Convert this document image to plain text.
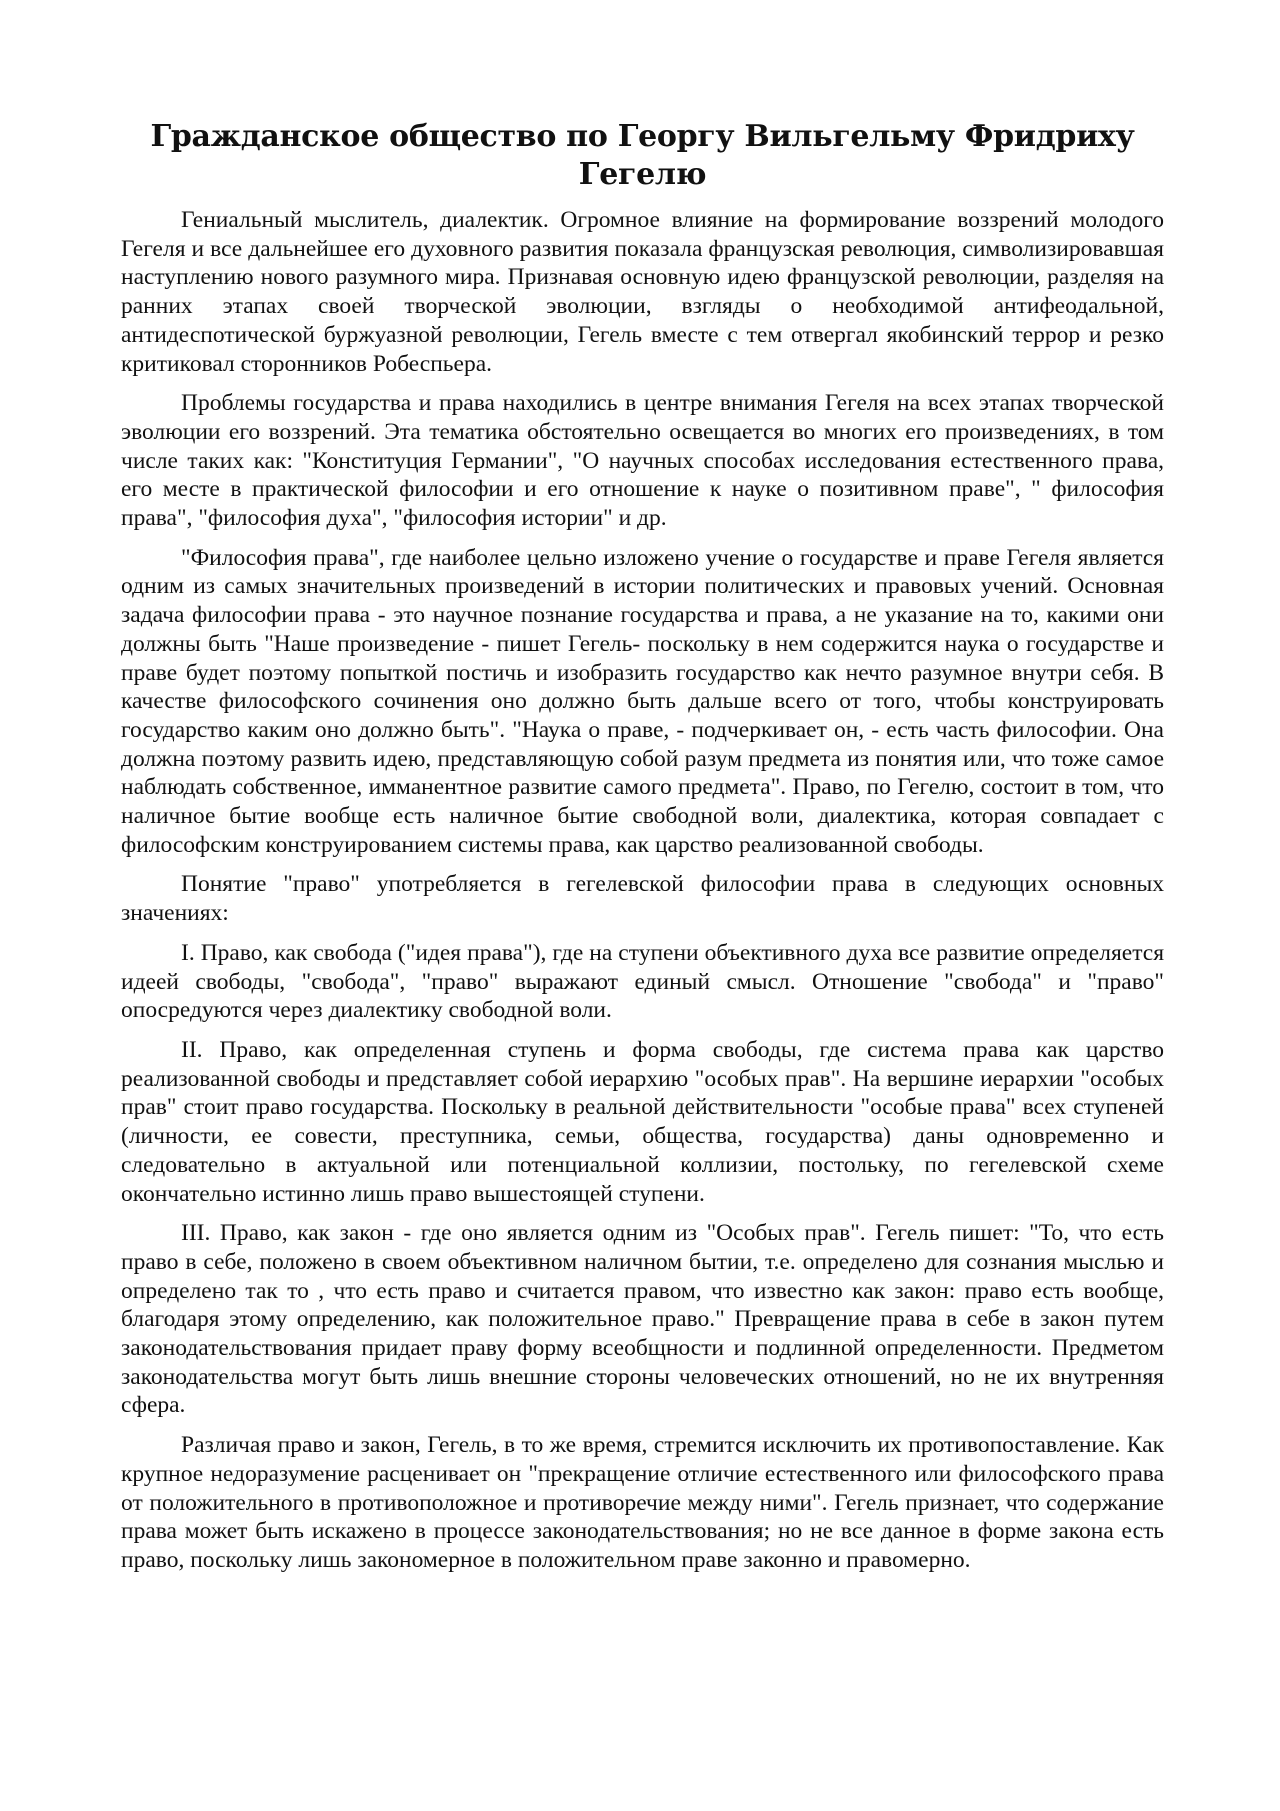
Гражданское общество по Георгу Вильгельму Фридриху Гегелю

Гениальный мыслитель, диалектик. Огромное влияние на формирование воззрений молодого Гегеля и все дальнейшее его духовного развития показала французская революция, символизировавшая наступлению нового разумного мира. Признавая основную идею французской революции, разделяя на ранних этапах своей творческой эволюции, взгляды о необходимой антифеодальной, антидеспотической буржуазной революции, Гегель вместе с тем отвергал якобинский террор и резко критиковал сторонников Робеспьера.

Проблемы государства и права находились в центре внимания Гегеля на всех этапах творческой эволюции его воззрений. Эта тематика обстоятельно освещается во многих его произведениях, в том числе таких как: "Конституция Германии", "О научных способах исследования естественного права, его месте в практической философии и его отношение к науке о позитивном праве", " философия права", "философия духа", "философия истории" и др.

"Философия права", где наиболее цельно изложено учение о государстве и праве Гегеля является одним из самых значительных произведений в истории политических и правовых учений. Основная задача философии права - это научное познание государства и права, а не указание на то, какими они должны быть "Наше произведение - пишет Гегель- поскольку в нем содержится наука о государстве и праве будет поэтому попыткой постичь и изобразить государство как нечто разумное внутри себя. В качестве философского сочинения оно должно быть дальше всего от того, чтобы конструировать государство каким оно должно быть". "Наука о праве, - подчеркивает он, - есть часть философии. Она должна поэтому развить идею, представляющую собой разум предмета из понятия или, что тоже самое наблюдать собственное, имманентное развитие самого предмета". Право, по Гегелю, состоит в том, что наличное бытие вообще есть наличное бытие свободной воли, диалектика, которая совпадает с философским конструированием системы права, как царство реализованной свободы.

Понятие "право" употребляется в гегелевской философии права в следующих основных значениях:

I. Право, как свобода ("идея права"), где на ступени объективного духа все развитие определяется идеей свободы, "свобода", "право" выражают единый смысл. Отношение "свобода" и "право" опосредуются через диалектику свободной воли.

II. Право, как определенная ступень и форма свободы, где система права как царство реализованной свободы и представляет собой иерархию "особых прав". На вершине иерархии "особых прав" стоит право государства. Поскольку в реальной действительности "особые права" всех ступеней (личности, ее совести, преступника, семьи, общества, государства) даны одновременно и следовательно в актуальной или потенциальной коллизии, постольку, по гегелевской схеме окончательно истинно лишь право вышестоящей ступени.

III. Право, как закон - где оно является одним из "Особых прав". Гегель пишет: "То, что есть право в себе, положено в своем объективном наличном бытии, т.е. определено для сознания мыслью и определено так то , что есть право и считается правом, что известно как закон: право есть вообще, благодаря этому определению, как положительное право." Превращение права в себе в закон путем законодательствования придает праву форму всеобщности и подлинной определенности. Предметом законодательства могут быть лишь внешние стороны человеческих отношений, но не их внутренняя сфера.

Различая право и закон, Гегель, в то же время, стремится исключить их противопоставление. Как крупное недоразумение расценивает он "прекращение отличие естественного или философского права от положительного в противоположное и противоречие между ними". Гегель признает, что содержание права может быть искажено в процессе законодательствования; но не все данное в форме закона есть право, поскольку лишь закономерное в положительном праве законно и правомерно.
